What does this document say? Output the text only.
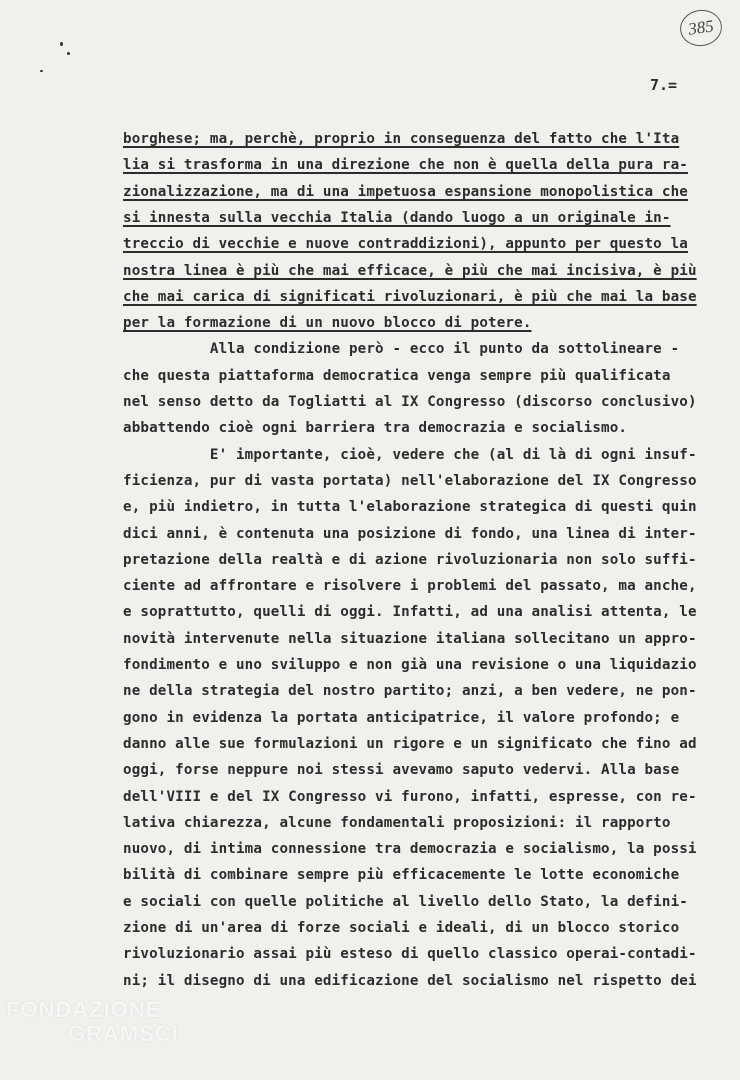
385
7.=
borghese; ma, perchè, proprio in conseguenza del fatto che l'Ita
lia si trasforma in una direzione che non è quella della pura ra-
zionalizzazione, ma di una impetuosa espansione monopolistica che
si innesta sulla vecchia Italia (dando luogo a un originale in-
treccio di vecchie e nuove contraddizioni), appunto per questo la
nostra linea è più che mai efficace, è più che mai incisiva, è più
che mai carica di significati rivoluzionari, è più che mai la base
per la formazione di un nuovo blocco di potere.
Alla condizione però - ecco il punto da sottolineare -
che questa piattaforma democratica venga sempre più qualificata
nel senso detto da Togliatti al IX Congresso (discorso conclusivo)
abbattendo cioè ogni barriera tra democrazia e socialismo.
E' importante, cioè, vedere che (al di là di ogni insuf-
ficienza, pur di vasta portata) nell'elaborazione del IX Congresso
e, più indietro, in tutta l'elaborazione strategica di questi quin
dici anni, è contenuta una posizione di fondo, una linea di inter-
pretazione della realtà e di azione rivoluzionaria non solo suffi-
ciente ad affrontare e risolvere i problemi del passato, ma anche,
e soprattutto, quelli di oggi. Infatti, ad una analisi attenta, le
novità intervenute nella situazione italiana sollecitano un appro-
fondimento e uno sviluppo e non già una revisione o una liquidazio
ne della strategia del nostro partito; anzi, a ben vedere, ne pon-
gono in evidenza la portata anticipatrice, il valore profondo; e
danno alle sue formulazioni un rigore e un significato che fino ad
oggi, forse neppure noi stessi avevamo saputo vedervi. Alla base
dell'VIII e del IX Congresso vi furono, infatti, espresse, con re-
lativa chiarezza, alcune fondamentali proposizioni: il rapporto
nuovo, di intima connessione tra democrazia e socialismo, la possi
bilità di combinare sempre più efficacemente le lotte economiche
e sociali con quelle politiche al livello dello Stato, la defini-
zione di un'area di forze sociali e ideali, di un blocco storico
rivoluzionario assai più esteso di quello classico operai-contadi-
ni; il disegno di una edificazione del socialismo nel rispetto dei
FONDAZIONE
GRAMSCI
